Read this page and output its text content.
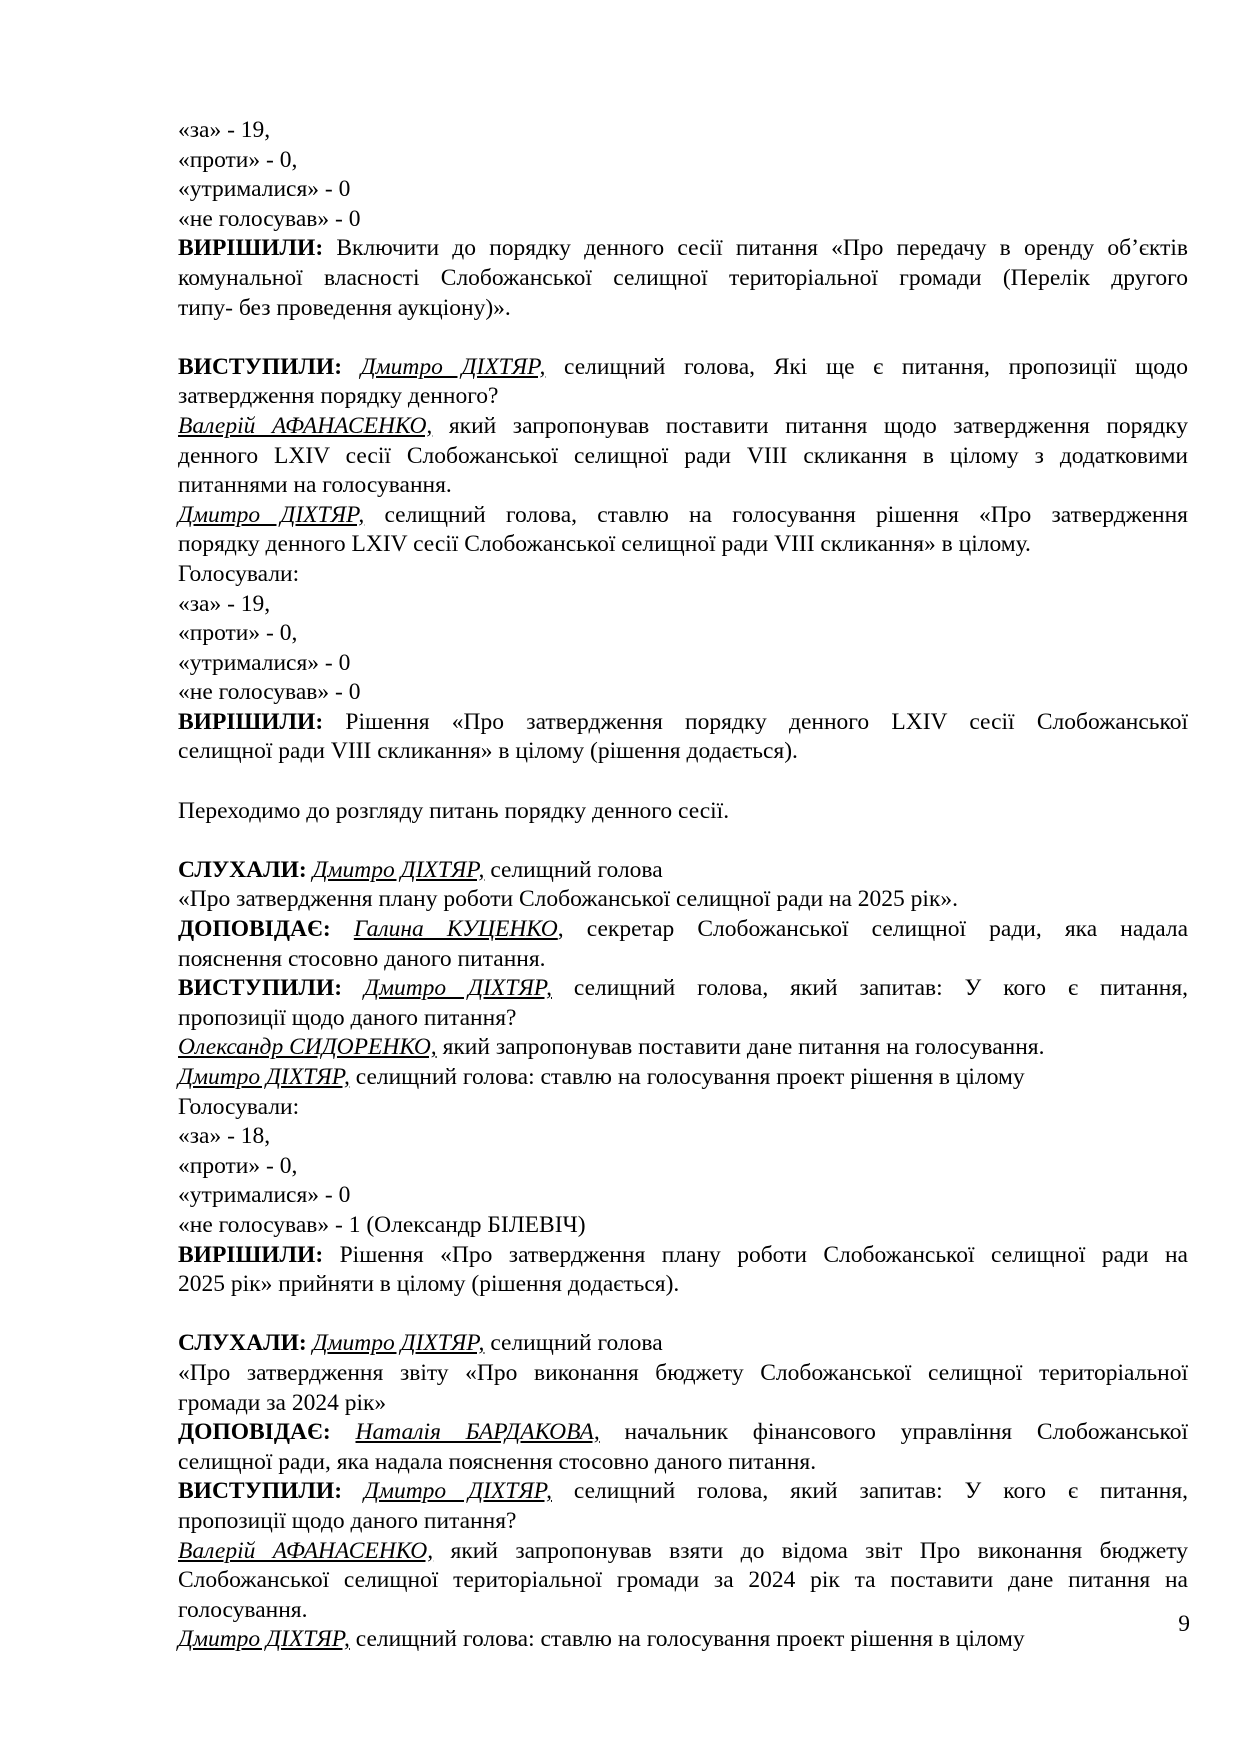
«за» - 19,
«проти» - 0,
«утрималися» - 0
«не голосував» - 0
ВИРІШИЛИ: Включити до порядку денного сесії питання «Про передачу в оренду об’єктів
комунальної власності Слобожанської селищної територіальної громади (Перелік другого
типу- без проведення аукціону)».
ВИСТУПИЛИ: Дмитро ДІХТЯР, селищний голова, Які ще є питання, пропозиції щодо
затвердження порядку денного?
Валерій АФАНАСЕНКО, який запропонував поставити питання щодо затвердження порядку
денного LXIV сесії Слобожанської селищної ради VIII скликання в цілому з додатковими
питаннями на голосування.
Дмитро ДІХТЯР, селищний голова, ставлю на голосування рішення «Про затвердження
порядку денного LXIV сесії Слобожанської селищної ради VIII скликання» в цілому.
Голосували:
«за» - 19,
«проти» - 0,
«утрималися» - 0
«не голосував» - 0
ВИРІШИЛИ: Рішення «Про затвердження порядку денного LXIV сесії Слобожанської
селищної ради VIII скликання» в цілому (рішення додається).
Переходимо до розгляду питань порядку денного сесії.
СЛУХАЛИ: Дмитро ДІХТЯР, селищний голова
«Про затвердження плану роботи Слобожанської селищної ради на 2025 рік».
ДОПОВІДАЄ: Галина КУЦЕНКО, секретар Слобожанської селищної ради, яка надала
пояснення стосовно даного питання.
ВИСТУПИЛИ: Дмитро ДІХТЯР, селищний голова, який запитав: У кого є питання,
пропозиції щодо даного питання?
Олександр СИДОРЕНКО, який запропонував поставити дане питання на голосування.
Дмитро ДІХТЯР, селищний голова: ставлю на голосування проект рішення в цілому
Голосували:
«за» - 18,
«проти» - 0,
«утрималися» - 0
«не голосував» - 1 (Олександр БІЛЕВІЧ)
ВИРІШИЛИ: Рішення «Про затвердження плану роботи Слобожанської селищної ради на
2025 рік» прийняти в цілому (рішення додається).
СЛУХАЛИ: Дмитро ДІХТЯР, селищний голова
«Про затвердження звіту «Про виконання бюджету Слобожанської селищної територіальної
громади за 2024 рік»
ДОПОВІДАЄ: Наталія БАРДАКОВА, начальник фінансового управління Слобожанської
селищної ради, яка надала пояснення стосовно даного питання.
ВИСТУПИЛИ: Дмитро ДІХТЯР, селищний голова, який запитав: У кого є питання,
пропозиції щодо даного питання?
Валерій АФАНАСЕНКО, який запропонував взяти до відома звіт Про виконання бюджету
Слобожанської селищної територіальної громади за 2024 рік та поставити дане питання на
голосування.
Дмитро ДІХТЯР, селищний голова: ставлю на голосування проект рішення в цілому
9
